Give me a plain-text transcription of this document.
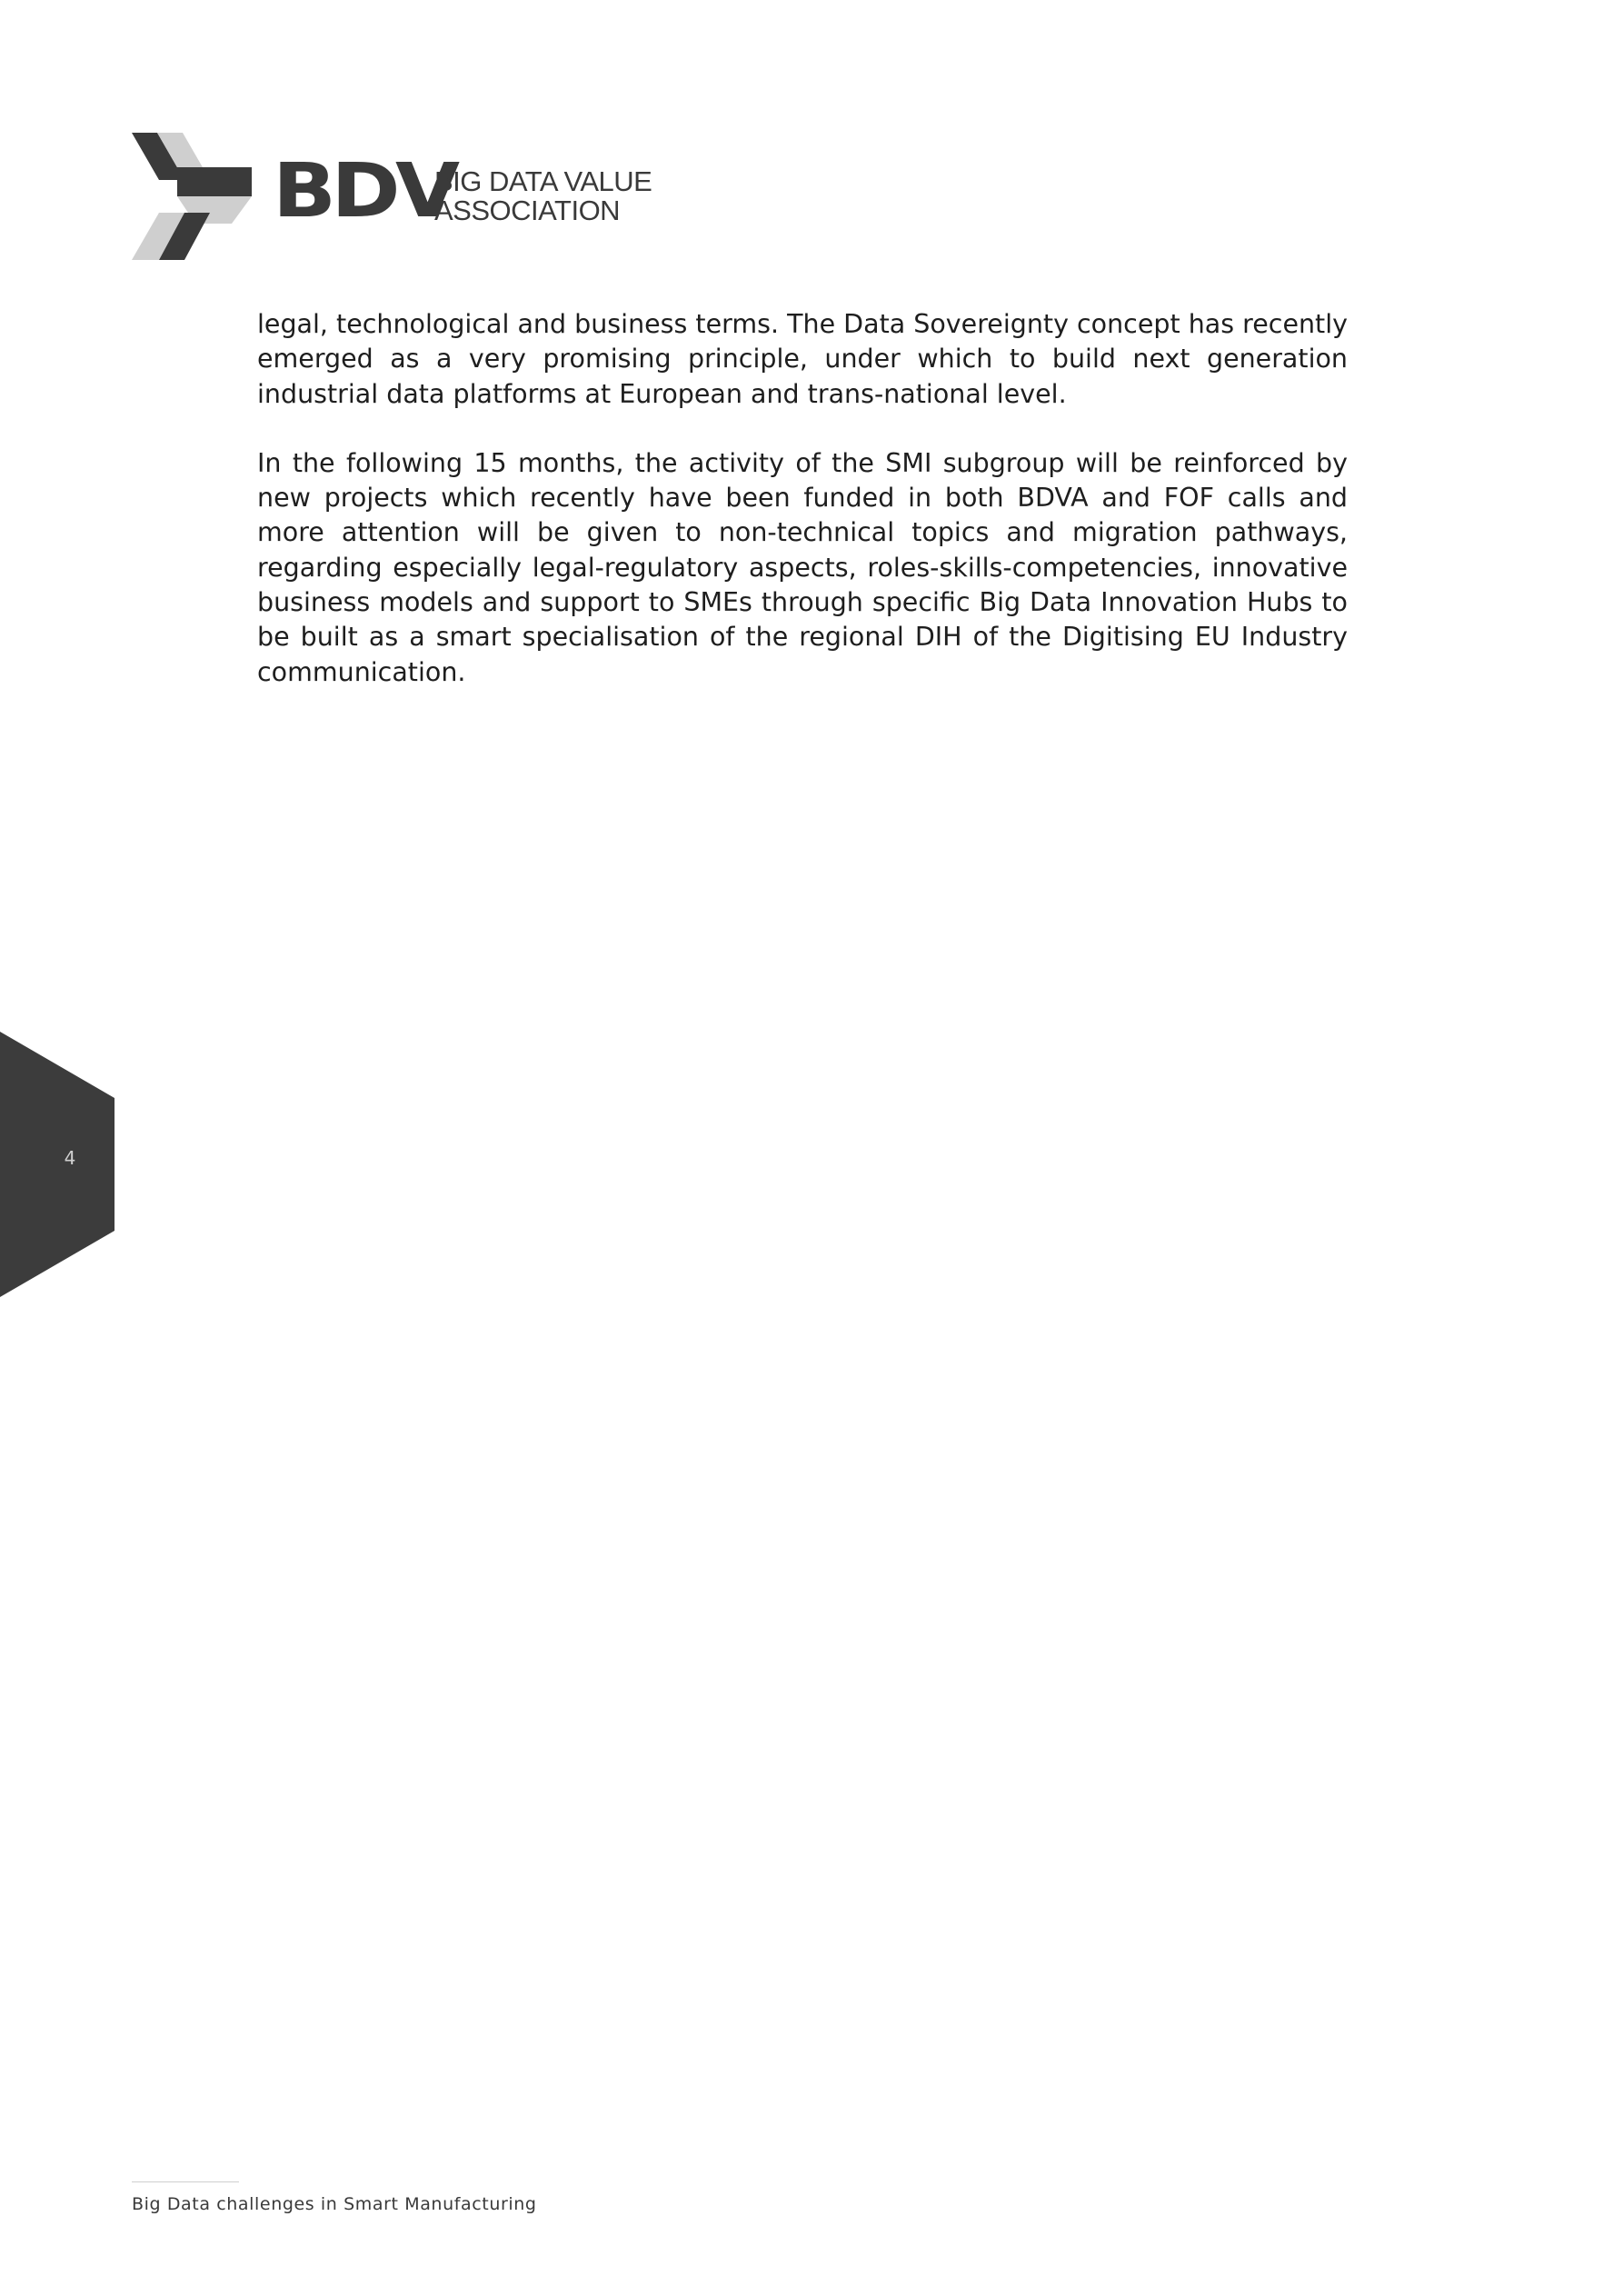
BDV
BIG DATA VALUE
ASSOCIATION

legal, technological and business terms. The Data Sovereignty concept has recently emerged as a very promising principle, under which to build next generation industrial data platforms at European and trans-national level.

In the following 15 months, the activity of the SMI subgroup will be reinforced by new projects which recently have been funded in both BDVA and FOF calls and more attention will be given to non-technical topics and migration pathways, regarding especially legal-regulatory aspects, roles-skills-competencies, innovative business models and support to SMEs through specific Big Data Innovation Hubs to be built as a smart specialisation of the regional DIH of the Digitising EU Industry communication.

4
Big Data challenges in Smart Manufacturing
